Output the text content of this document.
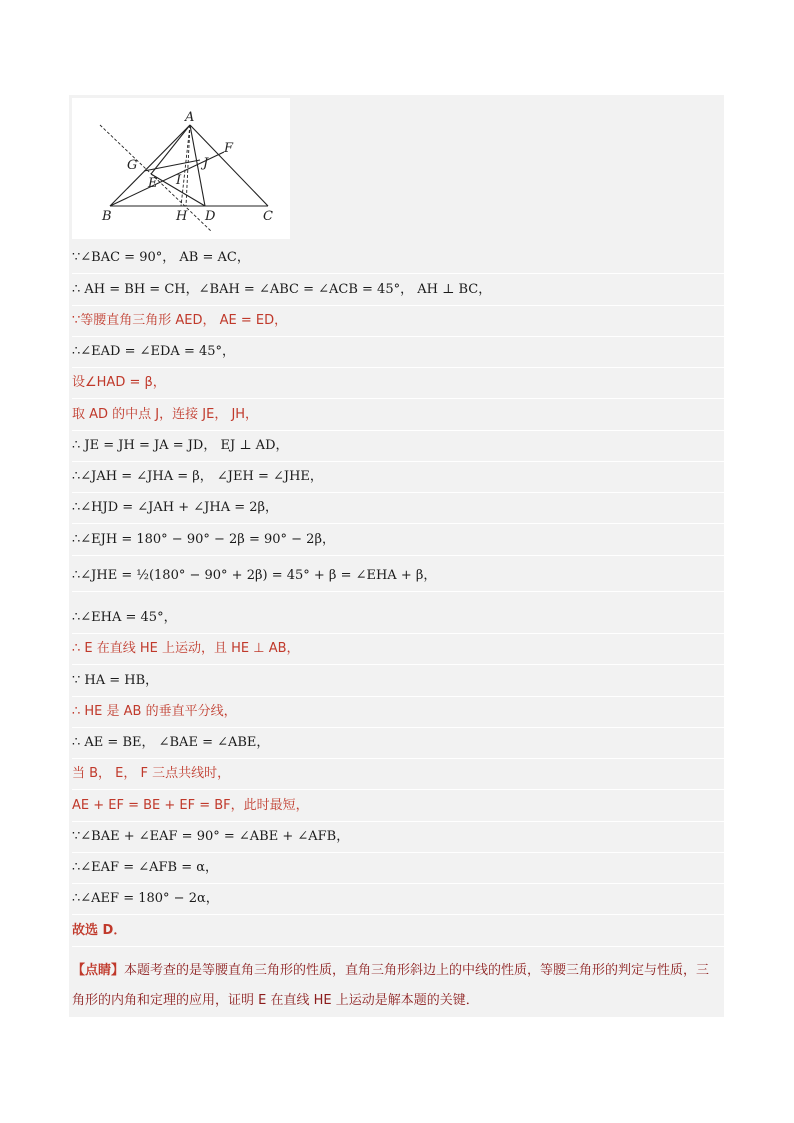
A
F
G	J
E I
B	H D	C
∵∠BAC = 90°， AB = AC，
∴ AH = BH = CH，∠BAH = ∠ABC = ∠ACB = 45°， AH ⊥ BC，
∵等腰直角三角形 AED， AE = ED，
∴∠EAD = ∠EDA = 45°，
设∠HAD = β，
取 AD 的中点 J，连接 JE， JH，
∴ JE = JH = JA = JD， EJ ⊥ AD，
∴∠JAH = ∠JHA = β， ∠JEH = ∠JHE，
∴∠HJD = ∠JAH + ∠JHA = 2β，
∴∠EJH = 180° − 90° − 2β = 90° − 2β，
∴∠JHE = ½(180° − 90° + 2β) = 45° + β = ∠EHA + β，
∴∠EHA = 45°，
∴ E 在直线 HE 上运动，且 HE ⊥ AB，
∵ HA = HB，
∴ HE 是 AB 的垂直平分线，
∴ AE = BE， ∠BAE = ∠ABE，
当 B， E， F 三点共线时，
AE + EF = BE + EF = BF，此时最短，
∵∠BAE + ∠EAF = 90° = ∠ABE + ∠AFB，
∴∠EAF = ∠AFB = α，
∴∠AEF = 180° − 2α，
故选 D．
【点睛】本题考查的是等腰直角三角形的性质，直角三角形斜边上的中线的性质，等腰三角形的判定与性质，三角形的内角和定理的应用，证明 E 在直线 HE 上运动是解本题的关键．
